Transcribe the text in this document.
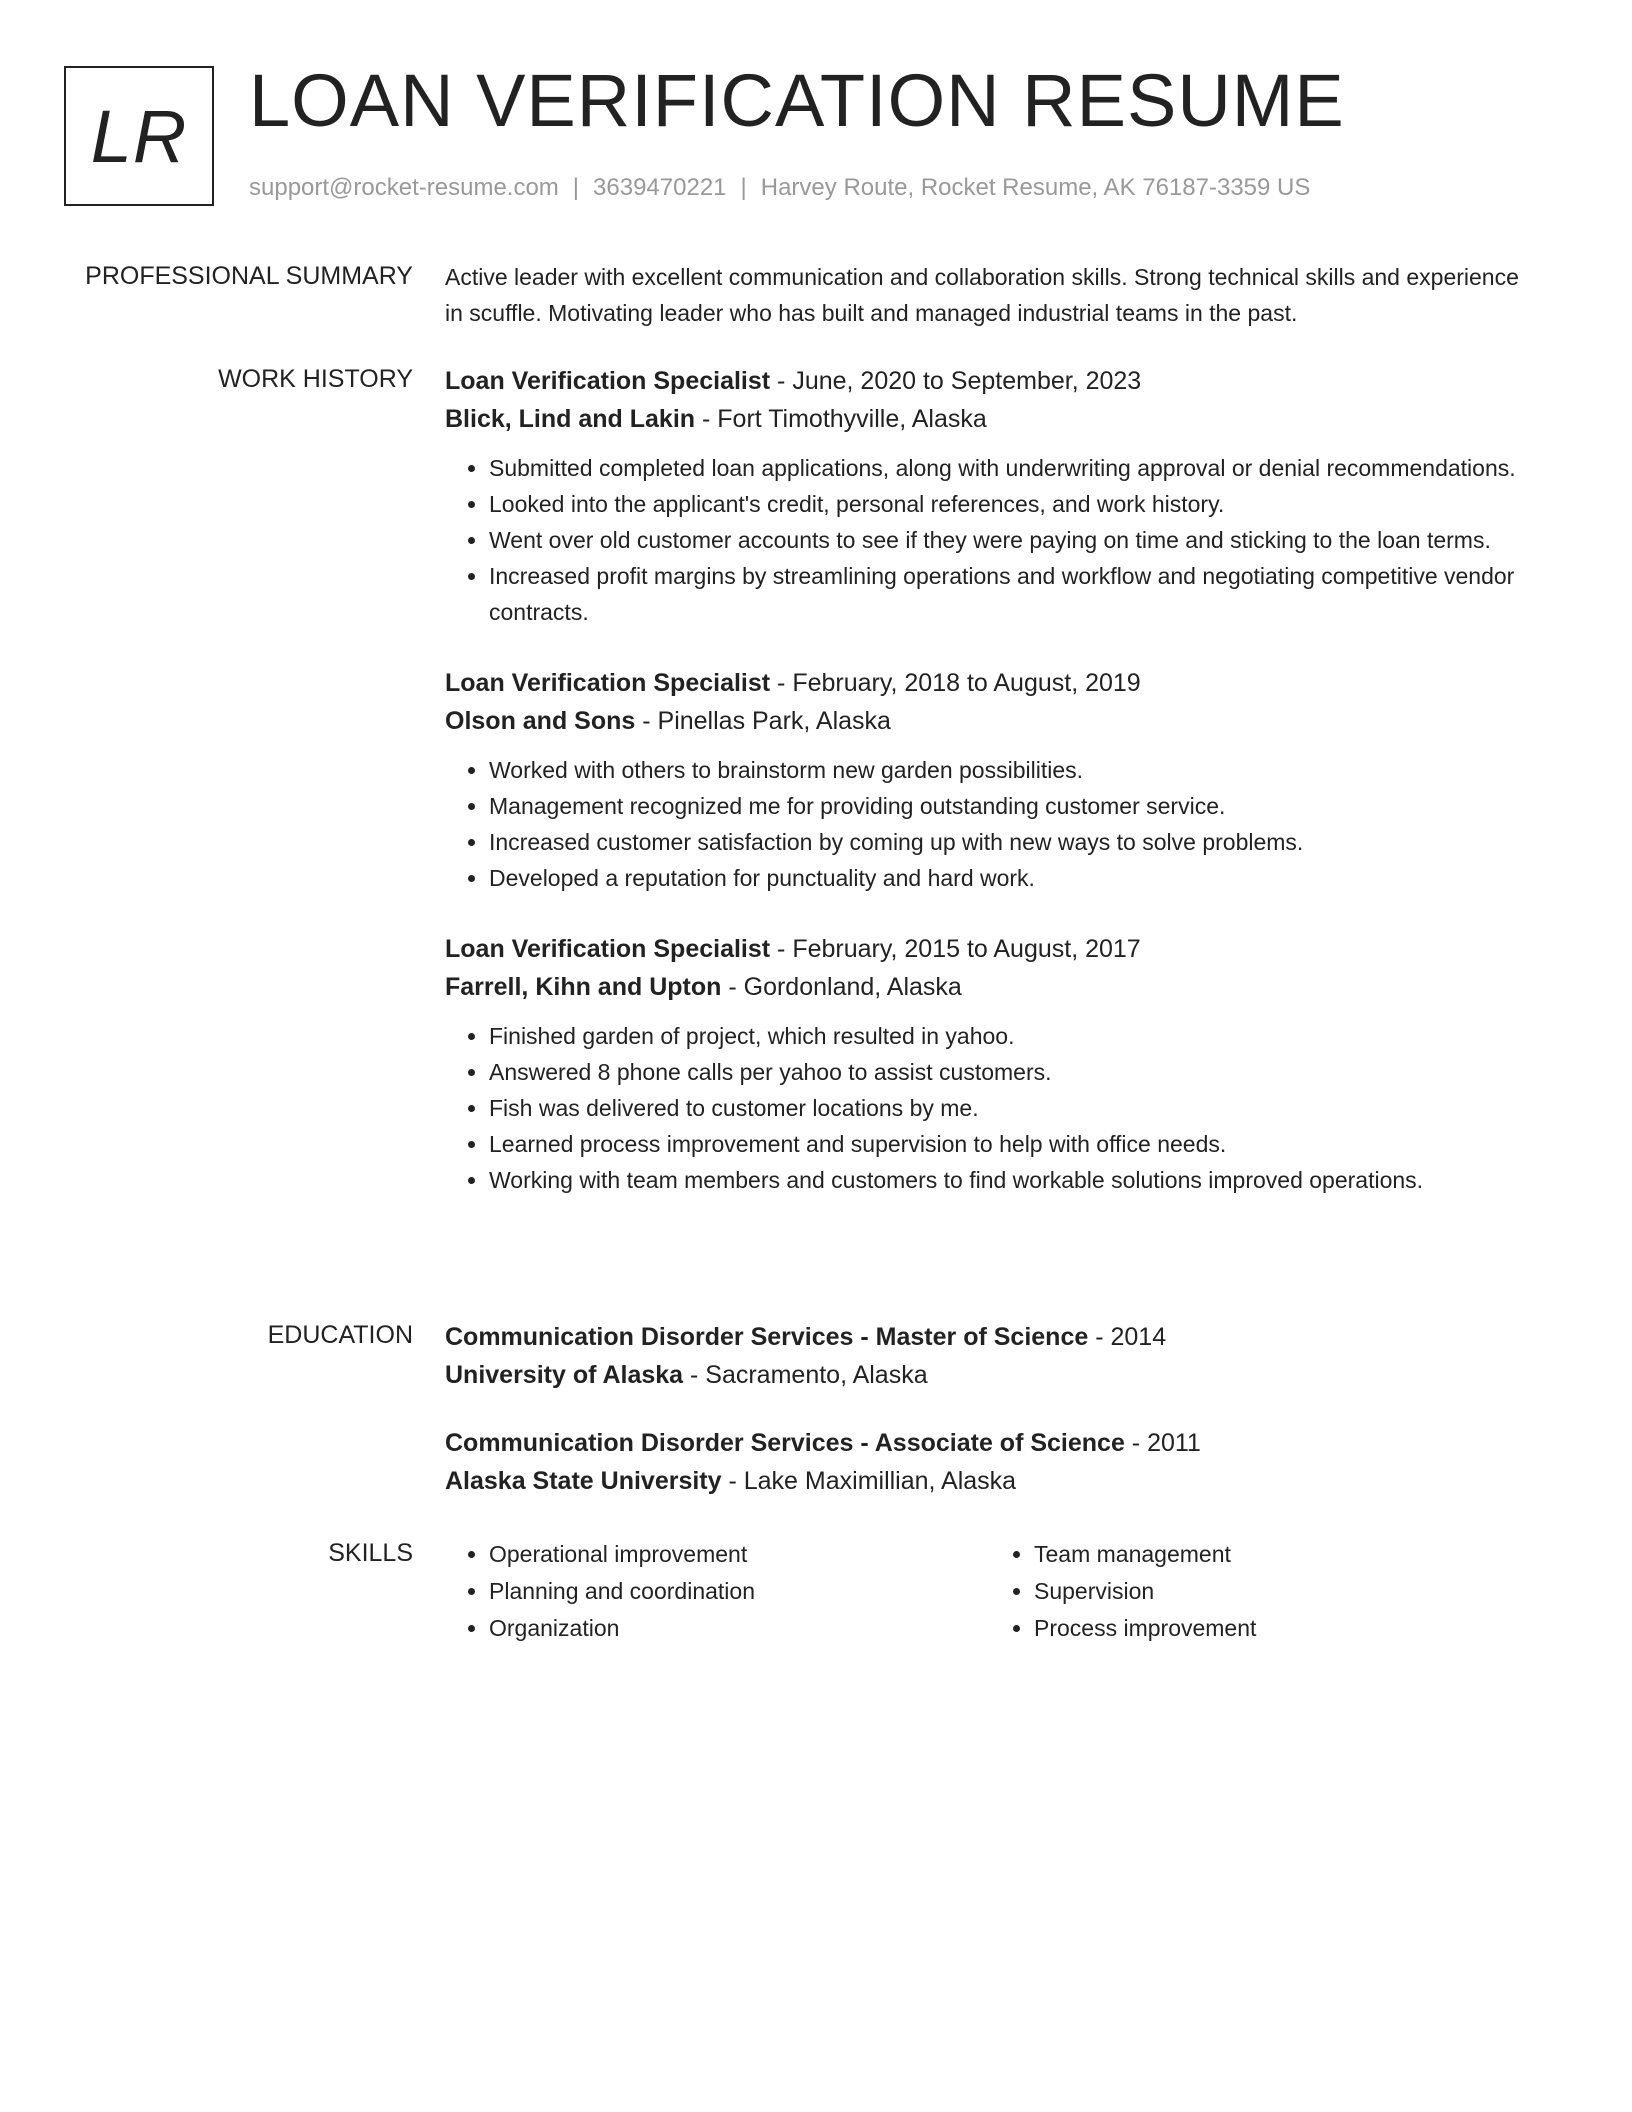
LR LOAN VERIFICATION RESUME
support@rocket-resume.com | 3639470221 | Harvey Route, Rocket Resume, AK 76187-3359 US
PROFESSIONAL SUMMARY Active leader with excellent communication and collaboration skills. Strong technical skills and experience in scuffle. Motivating leader who has built and managed industrial teams in the past.

WORK HISTORY Loan Verification Specialist - June, 2020 to September, 2023
Blick, Lind and Lakin - Fort Timothyville, Alaska
• Submitted completed loan applications, along with underwriting approval or denial recommendations.
• Looked into the applicant's credit, personal references, and work history.
• Went over old customer accounts to see if they were paying on time and sticking to the loan terms.
• Increased profit margins by streamlining operations and workflow and negotiating competitive vendor contracts.
Loan Verification Specialist - February, 2018 to August, 2019
Olson and Sons - Pinellas Park, Alaska
• Worked with others to brainstorm new garden possibilities.
• Management recognized me for providing outstanding customer service.
• Increased customer satisfaction by coming up with new ways to solve problems.
• Developed a reputation for punctuality and hard work.
Loan Verification Specialist - February, 2015 to August, 2017
Farrell, Kihn and Upton - Gordonland, Alaska
• Finished garden of project, which resulted in yahoo.
• Answered 8 phone calls per yahoo to assist customers.
• Fish was delivered to customer locations by me.
• Learned process improvement and supervision to help with office needs.
• Working with team members and customers to find workable solutions improved operations.
EDUCATION Communication Disorder Services - Master of Science - 2014
University of Alaska - Sacramento, Alaska
Communication Disorder Services - Associate of Science - 2011
Alaska State University - Lake Maximillian, Alaska
SKILLS
•	Operational improvement
• Planning and coordination
• Organization
• Team management
• Supervision
• Process improvement
